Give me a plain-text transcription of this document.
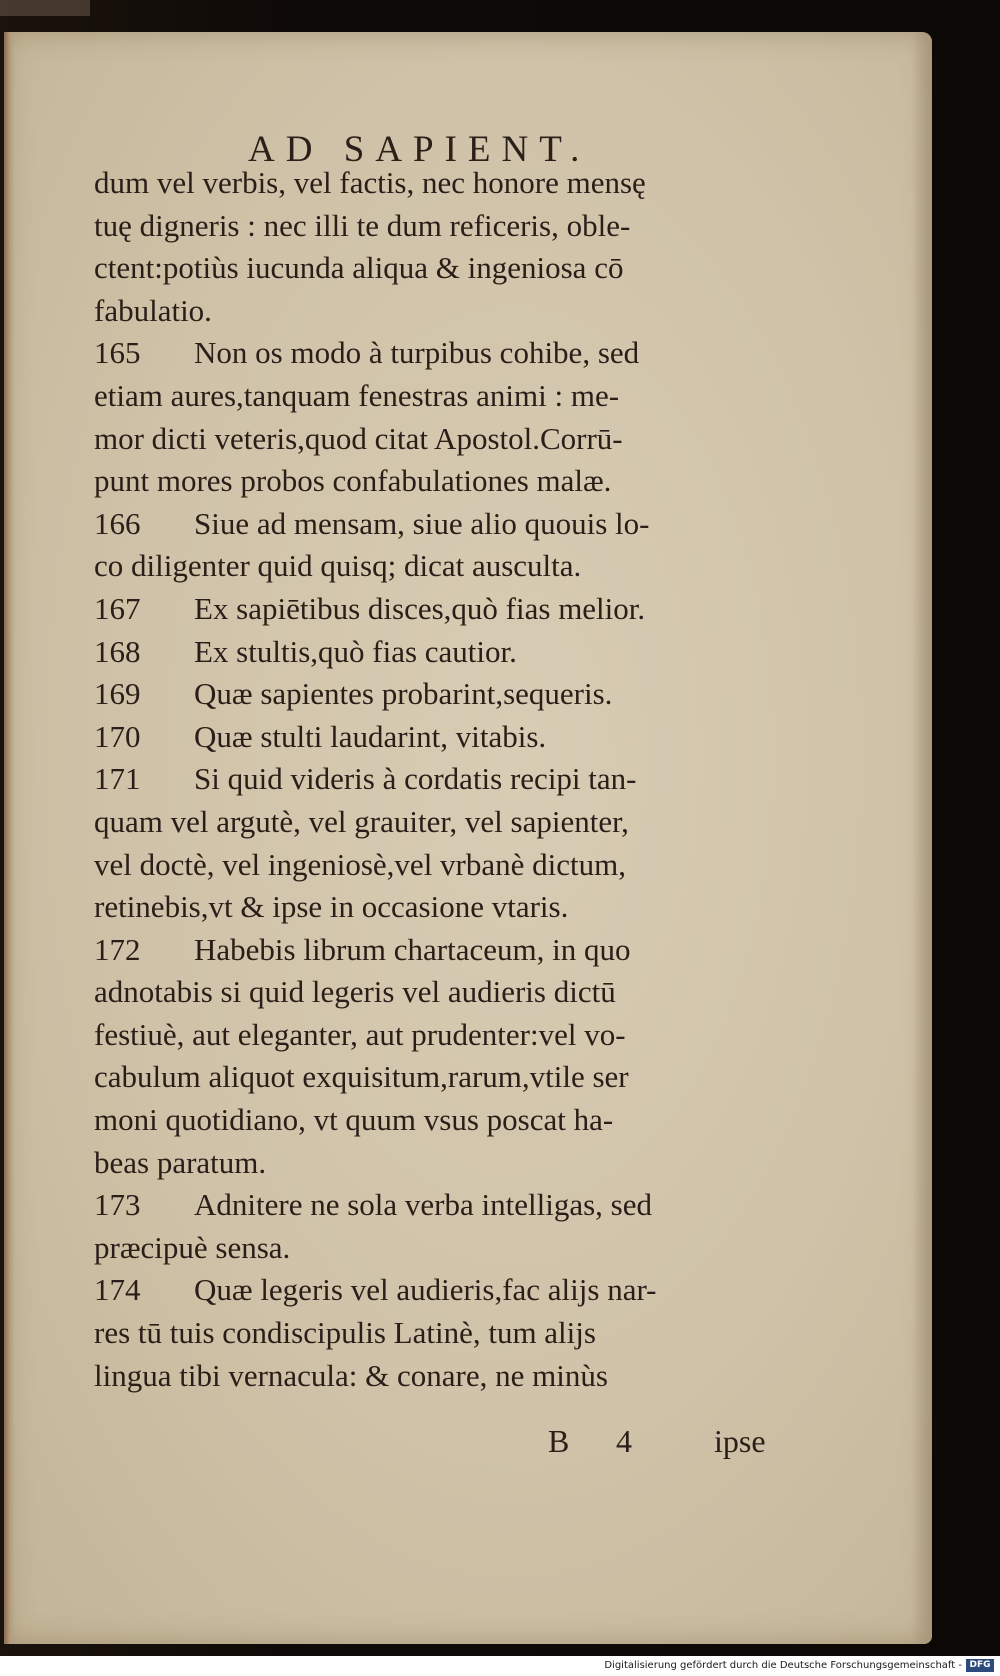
AD SAPIENT.
dum vel verbis, vel factis, nec honore mensę
tuę digneris : nec illi te dum reficeris, oble-
ctent:potiùs iucunda aliqua & ingeniosa cō
fabulatio.
165 Non os modo à turpibus cohibe, sed
etiam aures,tanquam fenestras animi : me-
mor dicti veteris,quod citat Apostol.Corrū-
punt mores probos confabulationes malæ.
166 Siue ad mensam, siue alio quouis lo-
co diligenter quid quisq; dicat ausculta.
167 Ex sapiētibus disces,quò fias melior.
168 Ex stultis,quò fias cautior.
169 Quæ sapientes probarint,sequeris.
170 Quæ stulti laudarint, vitabis.
171 Si quid videris à cordatis recipi tan-
quam vel argutè, vel grauiter, vel sapienter,
vel doctè, vel ingeniosè,vel vrbanè dictum,
retinebis,vt & ipse in occasione vtaris.
172 Habebis librum chartaceum, in quo
adnotabis si quid legeris vel audieris dictū
festiuè, aut eleganter, aut prudenter:vel vo-
cabulum aliquot exquisitum,rarum,vtile ser
moni quotidiano, vt quum vsus poscat ha-
beas paratum.
173 Adnitere ne sola verba intelligas, sed
præcipuè sensa.
174 Quæ legeris vel audieris,fac alijs nar-
res tū tuis condiscipulis Latinè, tum alijs
lingua tibi vernacula: & conare, ne minùs
B 4	ipse
Digitalisierung gefördert durch die Deutsche Forschungsgemeinschaft - DFG
